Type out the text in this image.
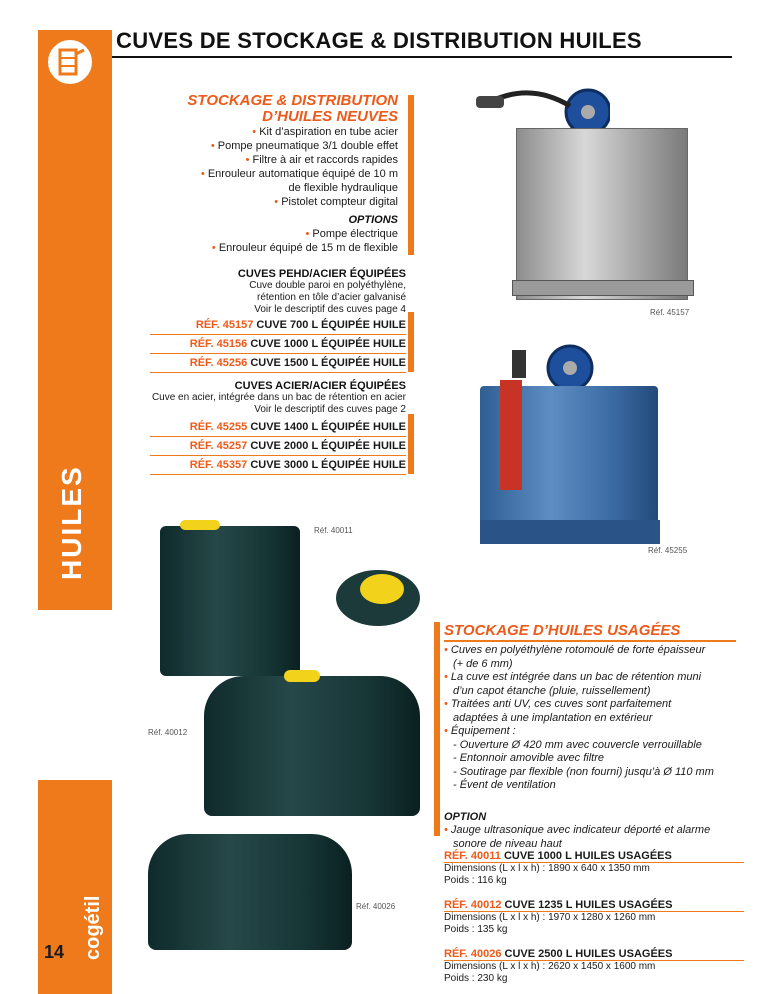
HUILES
cogétil
14
CUVES DE STOCKAGE & DISTRIBUTION HUILES
STOCKAGE & DISTRIBUTION
D’HUILES NEUVES
• Kit d’aspiration en tube acier
• Pompe pneumatique 3/1 double effet
• Filtre à air et raccords rapides
• Enrouleur automatique équipé de 10 m
de flexible hydraulique
• Pistolet compteur digital
OPTIONS
• Pompe électrique
• Enrouleur équipé de 15 m de flexible
CUVES PEHD/ACIER ÉQUIPÉES
Cuve double paroi en polyéthylène,
rétention en tôle d’acier galvanisé
Voir le descriptif des cuves page 4
RÉF. 45157 CUVE 700 L ÉQUIPÉE HUILE
RÉF. 45156 CUVE 1000 L ÉQUIPÉE HUILE
RÉF. 45256 CUVE 1500 L ÉQUIPÉE HUILE
CUVES ACIER/ACIER ÉQUIPÉES
Cuve en acier, intégrée dans un bac de rétention en acier
Voir le descriptif des cuves page 2
RÉF. 45255 CUVE 1400 L ÉQUIPÉE HUILE
RÉF. 45257 CUVE 2000 L ÉQUIPÉE HUILE
RÉF. 45357 CUVE 3000 L ÉQUIPÉE HUILE
Réf. 45157
Réf. 45255
Réf. 40011
Réf. 40012
Réf. 40026
STOCKAGE D’HUILES USAGÉES
• Cuves en polyéthylène rotomoulé de forte épaisseur
(+ de 6 mm)
• La cuve est intégrée dans un bac de rétention muni
d’un capot étanche (pluie, ruissellement)
• Traitées anti UV, ces cuves sont parfaitement
adaptées à une implantation en extérieur
• Équipement :
- Ouverture Ø 420 mm avec couvercle verrouillable
- Entonnoir amovible avec filtre
- Soutirage par flexible (non fourni) jusqu’à Ø 110 mm
- Évent de ventilation
OPTION
• Jauge ultrasonique avec indicateur déporté et alarme
sonore de niveau haut
RÉF. 40011 CUVE 1000 L HUILES USAGÉES
Dimensions (L x l x h) : 1890 x 640 x 1350 mm
Poids : 116 kg
RÉF. 40012 CUVE 1235 L HUILES USAGÉES
Dimensions (L x l x h) : 1970 x 1280 x 1260 mm
Poids : 135 kg
RÉF. 40026 CUVE 2500 L HUILES USAGÉES
Dimensions (L x l x h) : 2620 x 1450 x 1600 mm
Poids : 230 kg
